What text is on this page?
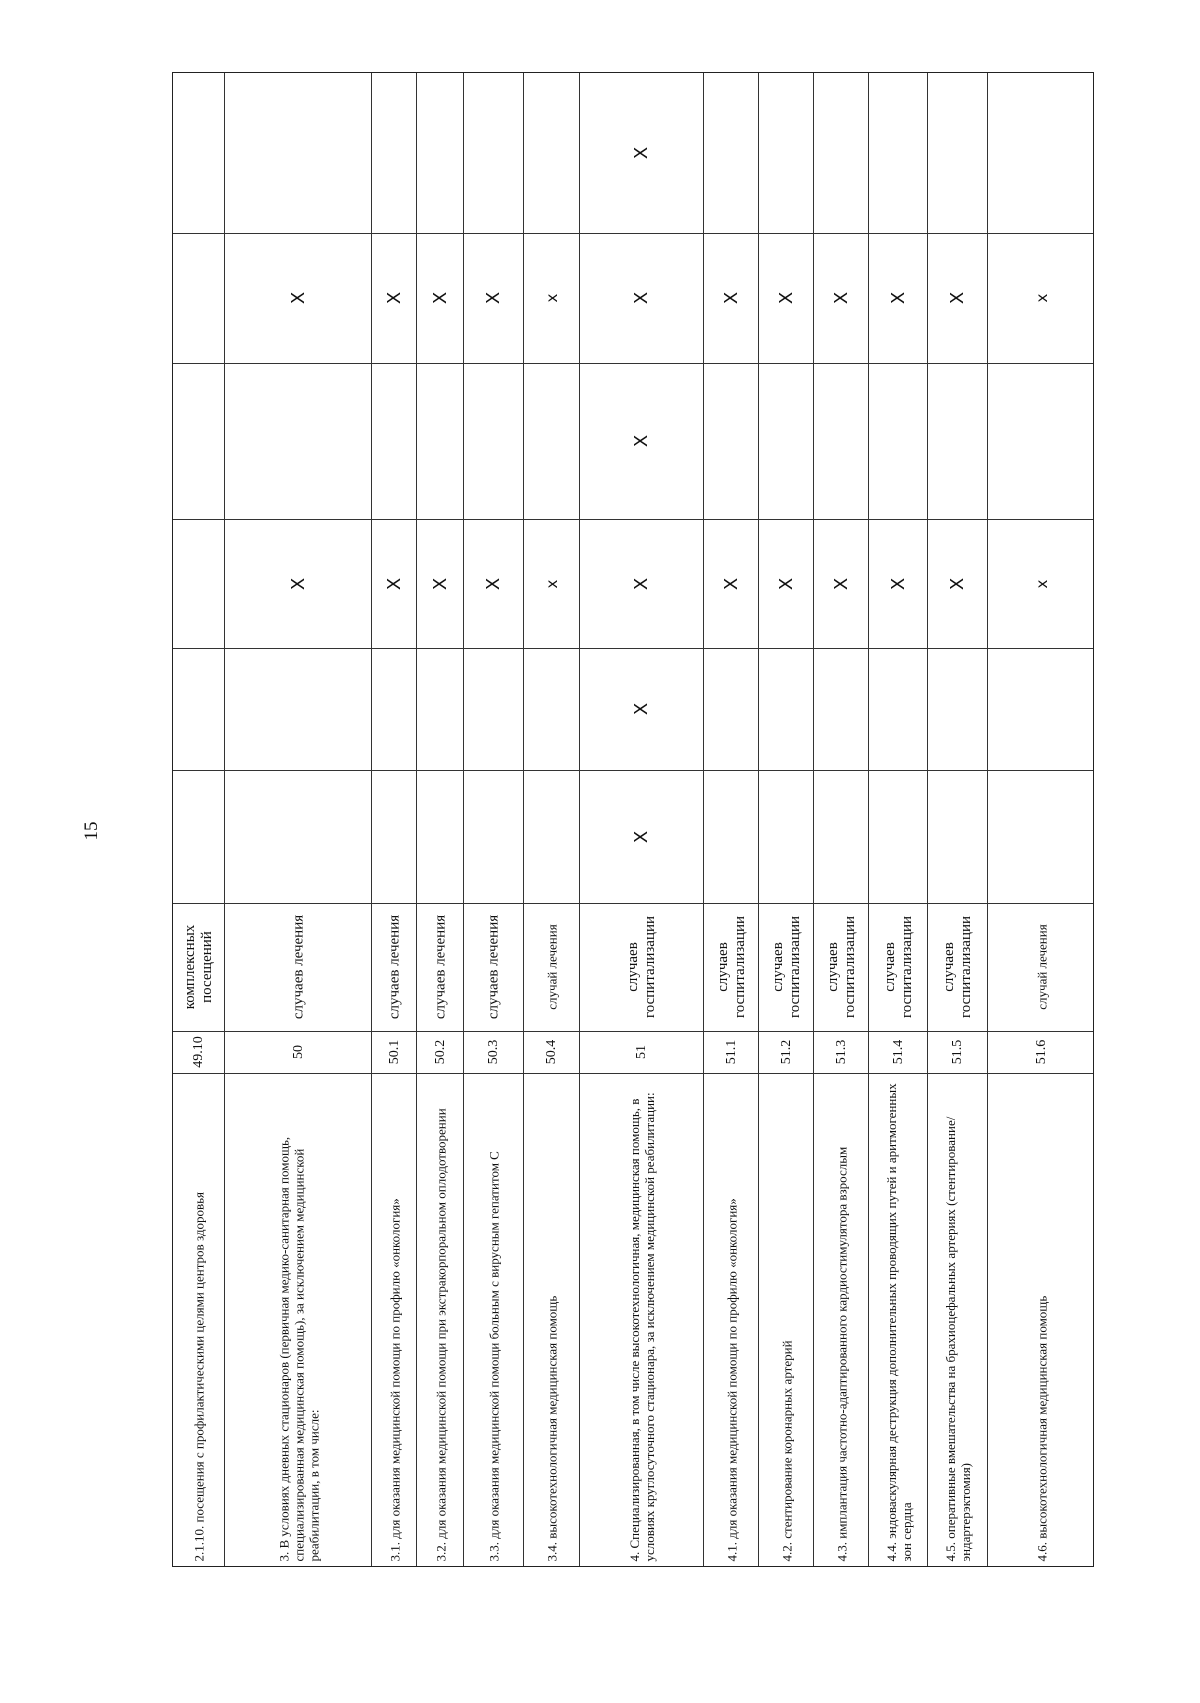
15
2.1.10. посещения с профилактическими целями центров здоровья
49.10
комплексных посещений
3. В условиях дневных стационаров (первичная медико-санитарная помощь, специализированная медицинская помощь), за исключением медицинской реабилитации, в том числе:
50
случаев лечения
Х
Х
3.1. для оказания медицинской помощи по профилю «онкология»
50.1
случаев лечения
Х
Х
3.2. для оказания медицинской помощи при экстракорпоральном оплодотворении
50.2
случаев лечения
Х
Х
3.3. для оказания медицинской помощи больным с вирусным гепатитом С
50.3
случаев лечения
Х
Х
3.4. высокотехнологичная медицинская помощь
50.4
случай лечения
х
х
4. Специализированная, в том числе высокотехнологичная, медицинская помощь, в условиях круглосуточного стационара, за исключением медицинской реабилитации:
51
случаев госпитализации
Х
Х
Х
Х
Х
Х
4.1. для оказания медицинской помощи по профилю «онкология»
51.1
случаев госпитализации
Х
Х
4.2. стентирование коронарных артерий
51.2
случаев госпитализации
Х
Х
4.3. имплантация частотно-адаптированного кардиостимулятора взрослым
51.3
случаев госпитализации
Х
Х
4.4. эндоваскулярная деструкция дополнительных проводящих путей и аритмогенных зон сердца
51.4
случаев госпитализации
Х
Х
4.5. оперативные вмешательства на брахиоцефальных артериях (стентирование/эндартерэктомия)
51.5
случаев госпитализации
Х
Х
4.6. высокотехнологичная медицинская помощь
51.6
случай лечения
х
х
